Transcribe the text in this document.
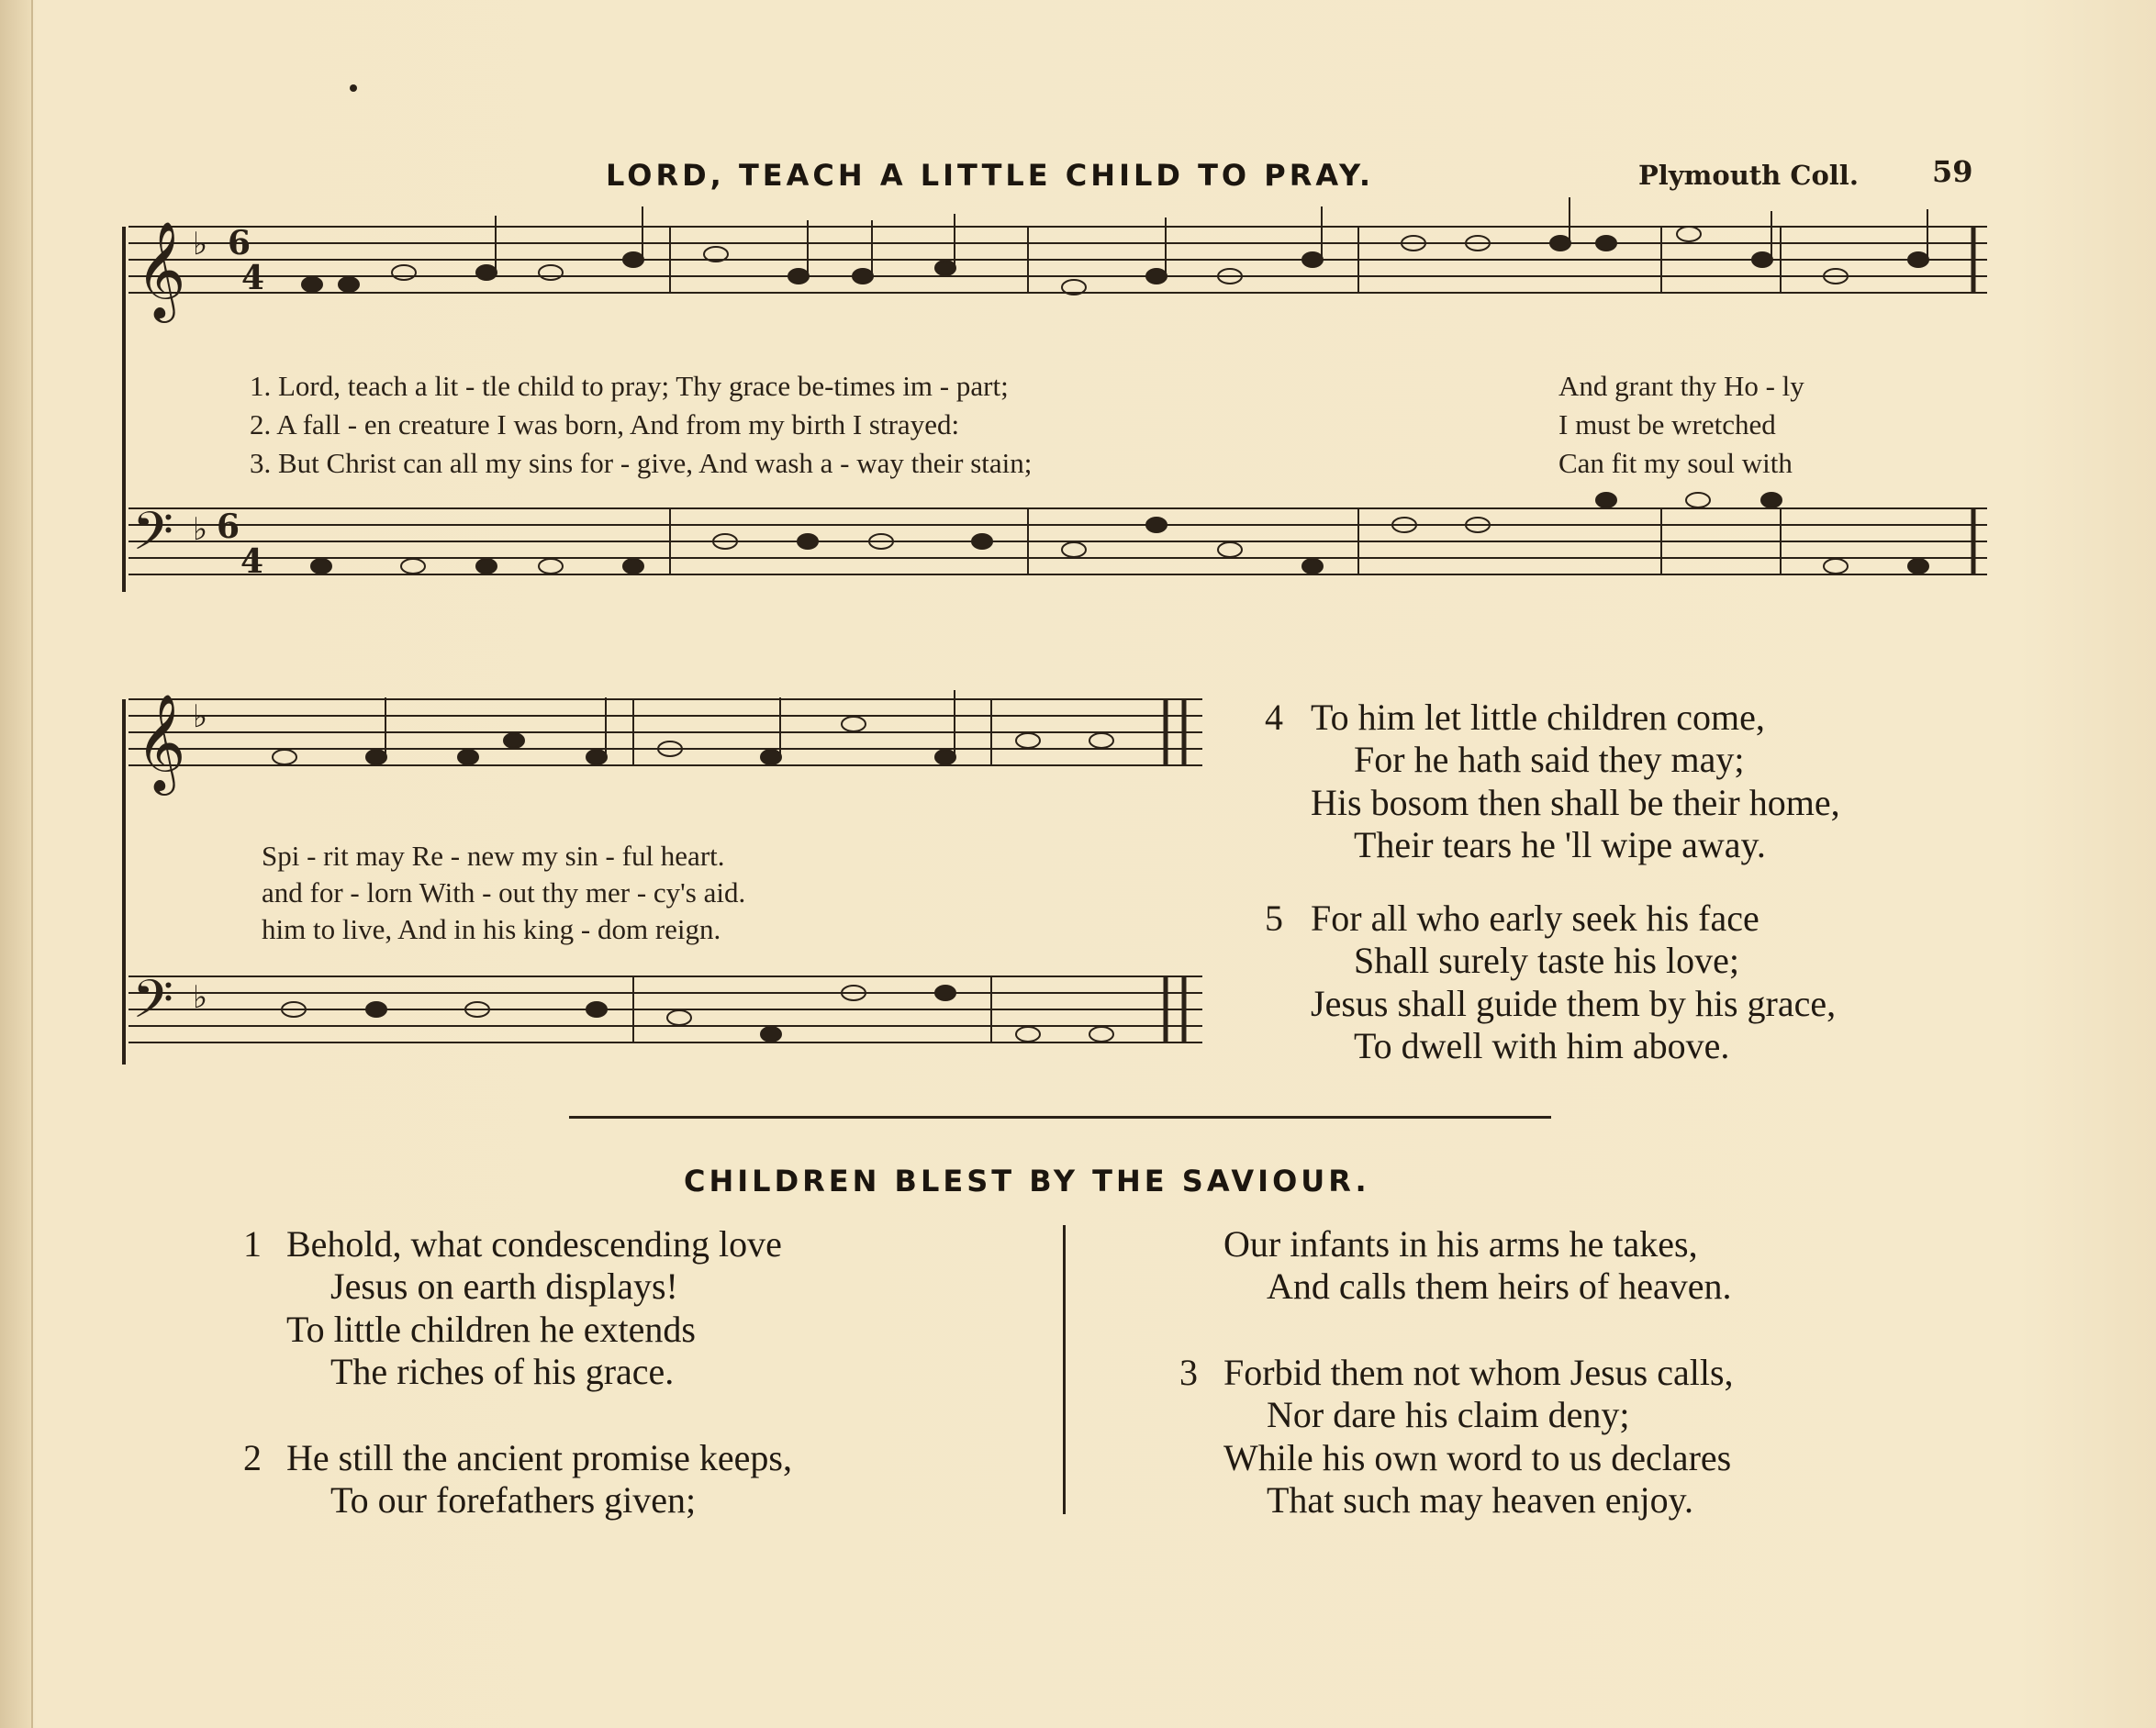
LORD, TEACH A LITTLE CHILD TO PRAY.	Plymouth Coll.	59
𝄞 ♭ 6
4
1. Lord, teach a lit - tle child to pray; Thy grace be-times im - part;	And grant thy Ho - ly
2. A fall - en creature I was born, And from my birth I strayed:	I must be wretched
3. But Christ can all my sins for - give, And wash a - way their stain;	Can fit my soul with
𝄢 ♭ 6
4
𝄞 ♭
Spi - rit may Re - new my sin - ful heart.
and for - lorn With - out thy mer - cy's aid.
him to live, And in his king - dom reign.
𝄢 ♭
4 To him let little children come,
For he hath said they may;
His bosom then shall be their home,
Their tears he 'll wipe away.
5 For all who early seek his face
Shall surely taste his love;
Jesus shall guide them by his grace,
To dwell with him above.
CHILDREN BLEST BY THE SAVIOUR.
1 Behold, what condescending love
Jesus on earth displays!
To little children he extends
The riches of his grace.
2 He still the ancient promise keeps,
To our forefathers given;
Our infants in his arms he takes,
And calls them heirs of heaven.
3 Forbid them not whom Jesus calls,
Nor dare his claim deny;
While his own word to us declares
That such may heaven enjoy.
